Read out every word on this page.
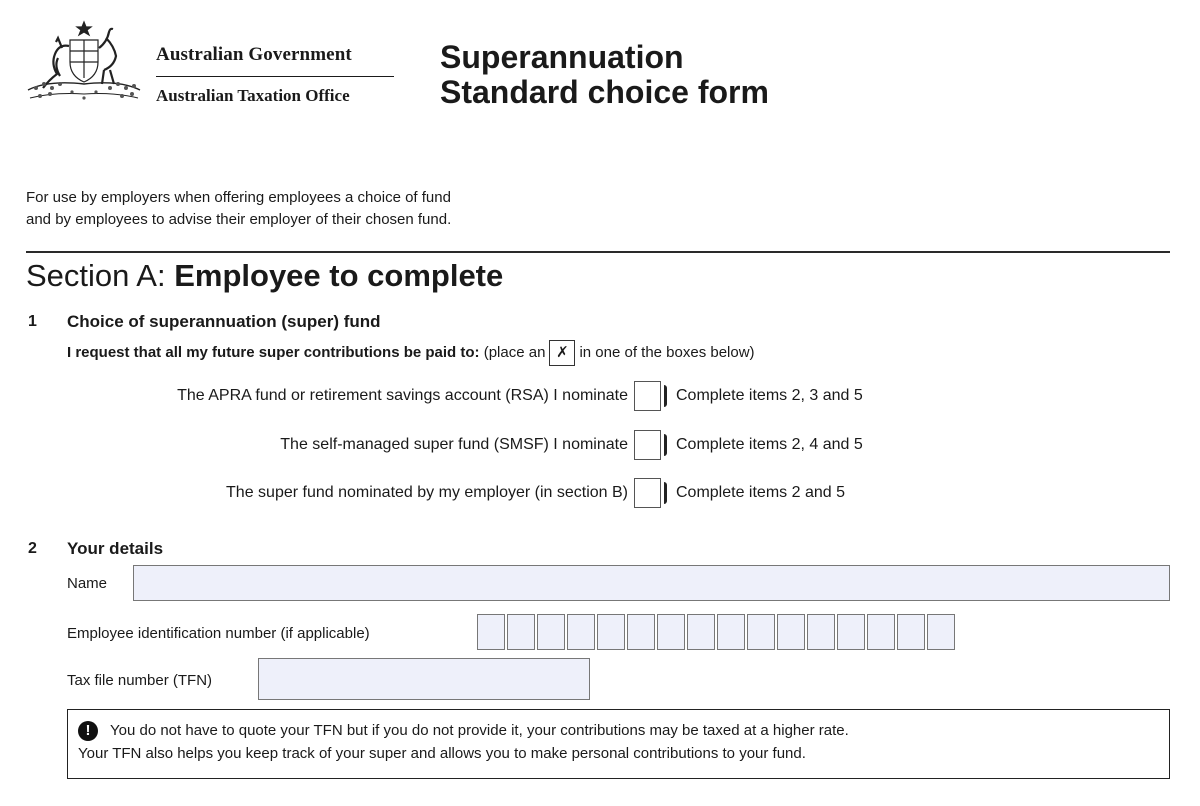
Australian Government
Australian Taxation Office
Superannuation
Standard choice form
For use by employers when offering employees a choice of fund
and by employees to advise their employer of their chosen fund.
Section A: Employee to complete
1 Choice of superannuation (super) fund
I request that all my future super contributions be paid to: (place an ✗ in one of the boxes below)
The APRA fund or retirement savings account (RSA) I nominate	Complete items 2, 3 and 5
The self-managed super fund (SMSF) I nominate	Complete items 2, 4 and 5
The super fund nominated by my employer (in section B)	Complete items 2 and 5
2 Your details
Name
Employee identification number (if applicable)
Tax file number (TFN)
!	You do not have to quote your TFN but if you do not provide it, your contributions may be taxed at a higher rate.
Your TFN also helps you keep track of your super and allows you to make personal contributions to your fund.
